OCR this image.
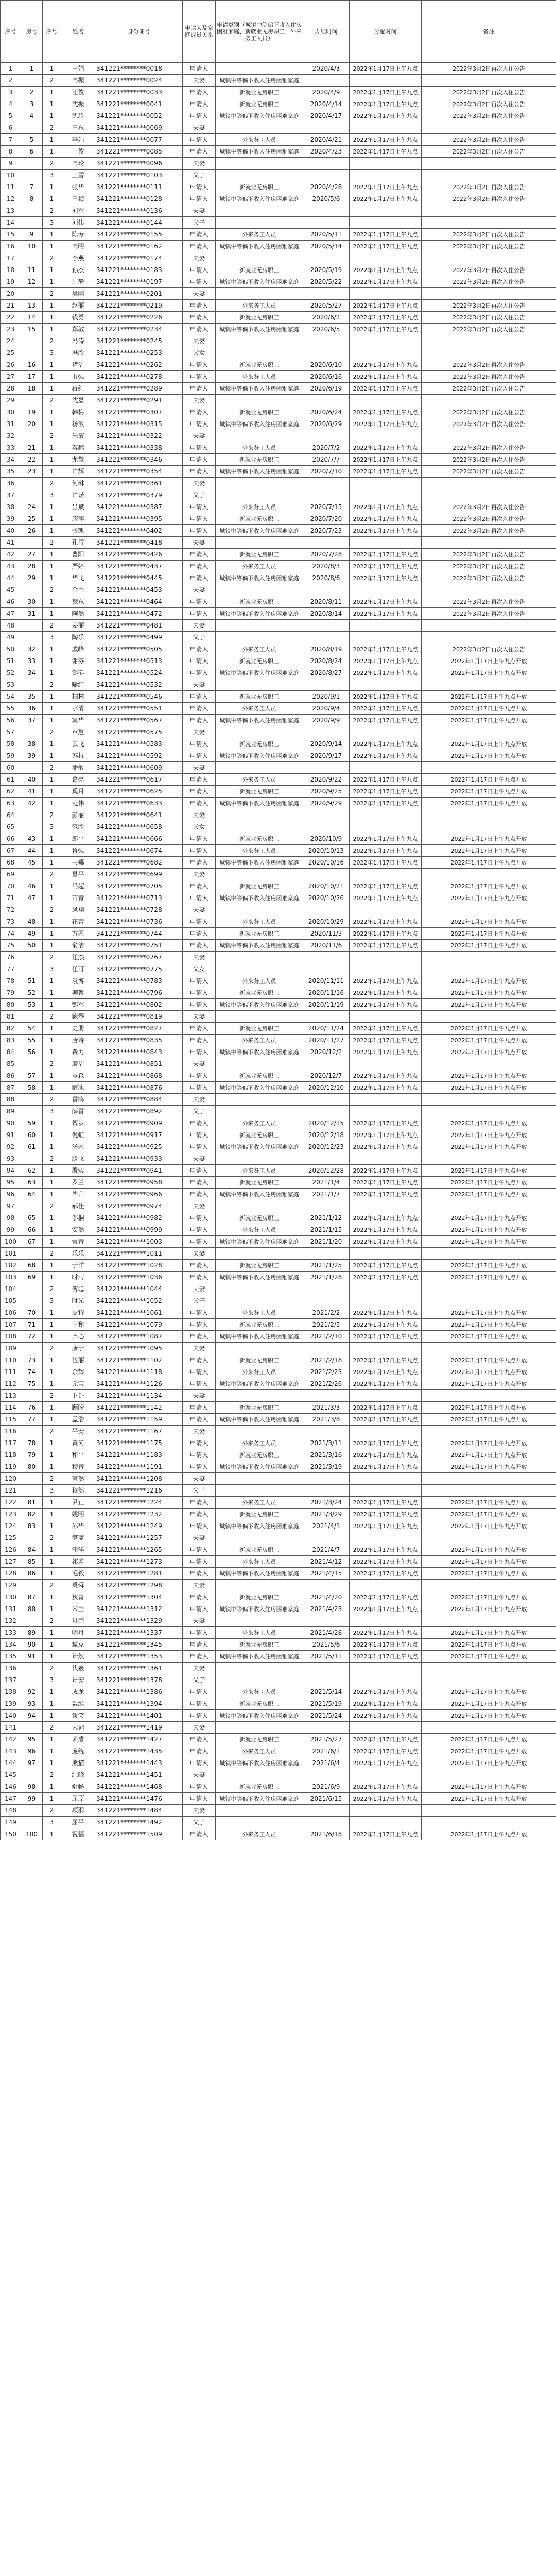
序号	房号	序号	姓名	身份证号	申请人及家庭成员关系	申请类别（城镇中等偏下收入住房困难家庭、新就业无房职工、外来务工人员）	办结时间	分配时间	备注
1	1	1	王娟	341221********0018	申请人		2020/4/3	2022年1月17日上午九点	2022年3月2日再次入住公告
2		2	高振	341221********0024	夫妻	城镇中等偏下收入住房困难家庭			
3	2	1	汪俊	341221********0033	申请人	新就业无房职工	2020/4/9	2022年1月17日上午九点	2022年3月2日再次入住公告
4	3	1	沈振	341221********0041	申请人	新就业无房职工	2020/4/14	2022年1月17日上午九点	2022年3月2日再次入住公告
5	4	1	沈玲	341221********0052	申请人	城镇中等偏下收入住房困难家庭	2020/4/17	2022年1月17日上午九点	2022年3月2日再次入住公告
6		2	王东	341221********0069	夫妻				
7	5	1	李娟	341221********0077	申请人	外来务工人员	2020/4/21	2022年1月17日上午九点	2022年3月2日再次入住公告
8	6	1	王俊	341221********0085	申请人	城镇中等偏下收入住房困难家庭	2020/4/23	2022年1月17日上午九点	2022年3月2日再次入住公告
9		2	高玲	341221********0096	夫妻				
10		3	王雪	341221********0103	父子				
11	7	1	张华	341221********0111	申请人	新就业无房职工	2020/4/28	2022年1月17日上午九点	2022年3月2日再次入住公告
12	8	1	王梅	341221********0128	申请人	城镇中等偏下收入住房困难家庭	2020/5/6	2022年1月17日上午九点	2022年3月2日再次入住公告
13		2	刘军	341221********0136	夫妻				
14		3	刘伟	341221********0144	父子				
15	9	1	陈芳	341221********0155	申请人	外来务工人员	2020/5/11	2022年1月17日上午九点	2022年3月2日再次入住公告
16	10	1	高明	341221********0162	申请人	城镇中等偏下收入住房困难家庭	2020/5/14	2022年1月17日上午九点	2022年3月2日再次入住公告
17		2	李燕	341221********0174	夫妻				
18	11	1	孙杰	341221********0183	申请人	新就业无房职工	2020/5/19	2022年1月17日上午九点	2022年3月2日再次入住公告
19	12	1	周静	341221********0197	申请人	城镇中等偏下收入住房困难家庭	2020/5/22	2022年1月17日上午九点	2022年3月2日再次入住公告
20		2	吴刚	341221********0201	夫妻				
21	13	1	赵丽	341221********0219	申请人	外来务工人员	2020/5/27	2022年1月17日上午九点	2022年3月2日再次入住公告
22	14	1	钱勇	341221********0226	申请人	新就业无房职工	2020/6/2	2022年1月17日上午九点	2022年3月2日再次入住公告
23	15	1	郑敏	341221********0234	申请人	城镇中等偏下收入住房困难家庭	2020/6/5	2022年1月17日上午九点	2022年3月2日再次入住公告
24		2	冯涛	341221********0245	夫妻				
25		3	冯欣	341221********0253	父女				
26	16	1	褚洁	341221********0262	申请人	新就业无房职工	2020/6/10	2022年1月17日上午九点	2022年3月2日再次入住公告
27	17	1	卫强	341221********0278	申请人	外来务工人员	2020/6/16	2022年1月17日上午九点	2022年3月2日再次入住公告
28	18	1	蒋红	341221********0289	申请人	城镇中等偏下收入住房困难家庭	2020/6/19	2022年1月17日上午九点	2022年3月2日再次入住公告
29		2	沈磊	341221********0291	夫妻				
30	19	1	韩梅	341221********0307	申请人	新就业无房职工	2020/6/24	2022年1月17日上午九点	2022年3月2日再次入住公告
31	20	1	杨波	341221********0315	申请人	城镇中等偏下收入住房困难家庭	2020/6/29	2022年1月17日上午九点	2022年3月2日再次入住公告
32		2	朱霞	341221********0322	夫妻				
33	21	1	秦鹏	341221********0338	申请人	外来务工人员	2020/7/2	2022年1月17日上午九点	2022年3月2日再次入住公告
34	22	1	尤慧	341221********0346	申请人	新就业无房职工	2020/7/7	2022年1月17日上午九点	2022年3月2日再次入住公告
35	23	1	许辉	341221********0354	申请人	城镇中等偏下收入住房困难家庭	2020/7/10	2022年1月17日上午九点	2022年3月2日再次入住公告
36		2	何琳	341221********0361	夫妻				
37		3	许诺	341221********0379	父子				
38	24	1	吕斌	341221********0387	申请人	外来务工人员	2020/7/15	2022年1月17日上午九点	2022年3月2日再次入住公告
39	25	1	施萍	341221********0395	申请人	新就业无房职工	2020/7/20	2022年1月17日上午九点	2022年3月2日再次入住公告
40	26	1	张凯	341221********0402	申请人	城镇中等偏下收入住房困难家庭	2020/7/23	2022年1月17日上午九点	2022年3月2日再次入住公告
41		2	孔雪	341221********0418	夫妻				
42	27	1	曹阳	341221********0426	申请人	新就业无房职工	2020/7/28	2022年1月17日上午九点	2022年3月2日再次入住公告
43	28	1	严婷	341221********0437	申请人	外来务工人员	2020/8/3	2022年1月17日上午九点	2022年3月2日再次入住公告
44	29	1	华飞	341221********0445	申请人	城镇中等偏下收入住房困难家庭	2020/8/6	2022年1月17日上午九点	2022年3月2日再次入住公告
45		2	金兰	341221********0453	夫妻				
46	30	1	魏东	341221********0464	申请人	新就业无房职工	2020/8/11	2022年1月17日上午九点	2022年3月2日再次入住公告
47	31	1	陶然	341221********0472	申请人	城镇中等偏下收入住房困难家庭	2020/8/14	2022年1月17日上午九点	2022年3月2日再次入住公告
48		2	姜丽	341221********0481	夫妻				
49		3	陶乐	341221********0499	父子				
50	32	1	戚峰	341221********0505	申请人	外来务工人员	2020/8/19	2022年1月17日上午九点	2022年3月2日再次入住公告
51	33	1	谢芬	341221********0513	申请人	新就业无房职工	2020/8/24	2022年1月17日上午九点	2022年1月17日上午九点开放
52	34	1	邹健	341221********0524	申请人	城镇中等偏下收入住房困难家庭	2020/8/27	2022年1月17日上午九点	2022年1月17日上午九点开放
53		2	喻红	341221********0532	夫妻				
54	35	1	柏林	341221********0546	申请人	新就业无房职工	2020/9/1	2022年1月17日上午九点	2022年1月17日上午九点开放
55	36	1	水清	341221********0551	申请人	外来务工人员	2020/9/4	2022年1月17日上午九点	2022年1月17日上午九点开放
56	37	1	窦华	341221********0567	申请人	城镇中等偏下收入住房困难家庭	2020/9/9	2022年1月17日上午九点	2022年1月17日上午九点开放
57		2	章慧	341221********0575	夫妻				
58	38	1	云飞	341221********0583	申请人	新就业无房职工	2020/9/14	2022年1月17日上午九点	2022年1月17日上午九点开放
59	39	1	苏杭	341221********0592	申请人	城镇中等偏下收入住房困难家庭	2020/9/17	2022年1月17日上午九点	2022年1月17日上午九点开放
60		2	潘敏	341221********0609	夫妻				
61	40	1	葛亮	341221********0617	申请人	外来务工人员	2020/9/22	2022年1月17日上午九点	2022年1月17日上午九点开放
62	41	1	奚月	341221********0625	申请人	新就业无房职工	2020/9/25	2022年1月17日上午九点	2022年1月17日上午九点开放
63	42	1	范伟	341221********0633	申请人	城镇中等偏下收入住房困难家庭	2020/9/29	2022年1月17日上午九点	2022年1月17日上午九点开放
64		2	彭丽	341221********0641	夫妻				
65		3	范欣	341221********0658	父女				
66	43	1	郎平	341221********0666	申请人	新就业无房职工	2020/10/9	2022年1月17日上午九点	2022年1月17日上午九点开放
67	44	1	鲁强	341221********0674	申请人	外来务工人员	2020/10/13	2022年1月17日上午九点	2022年1月17日上午九点开放
68	45	1	韦娜	341221********0682	申请人	城镇中等偏下收入住房困难家庭	2020/10/16	2022年1月17日上午九点	2022年1月17日上午九点开放
69		2	昌平	341221********0699	夫妻				
70	46	1	马超	341221********0705	申请人	新就业无房职工	2020/10/21	2022年1月17日上午九点	2022年1月17日上午九点开放
71	47	1	苗青	341221********0713	申请人	城镇中等偏下收入住房困难家庭	2020/10/26	2022年1月17日上午九点	2022年1月17日上午九点开放
72		2	凤翔	341221********0728	夫妻				
73	48	1	花蕾	341221********0736	申请人	外来务工人员	2020/10/29	2022年1月17日上午九点	2022年1月17日上午九点开放
74	49	1	方圆	341221********0744	申请人	新就业无房职工	2020/11/3	2022年1月17日上午九点	2022年1月17日上午九点开放
75	50	1	俞洁	341221********0751	申请人	城镇中等偏下收入住房困难家庭	2020/11/6	2022年1月17日上午九点	2022年1月17日上午九点开放
76		2	任杰	341221********0767	夫妻				
77		3	任可	341221********0775	父女				
78	51	1	袁博	341221********0783	申请人	外来务工人员	2020/11/11	2022年1月17日上午九点	2022年1月17日上午九点开放
79	52	1	柳絮	341221********0796	申请人	新就业无房职工	2020/11/16	2022年1月17日上午九点	2022年1月17日上午九点开放
80	53	1	酆军	341221********0802	申请人	城镇中等偏下收入住房困难家庭	2020/11/19	2022年1月17日上午九点	2022年1月17日上午九点开放
81		2	鲍琴	341221********0819	夫妻				
82	54	1	史册	341221********0827	申请人	新就业无房职工	2020/11/24	2022年1月17日上午九点	2022年1月17日上午九点开放
83	55	1	唐诗	341221********0835	申请人	外来务工人员	2020/11/27	2022年1月17日上午九点	2022年1月17日上午九点开放
84	56	1	费力	341221********0843	申请人	城镇中等偏下收入住房困难家庭	2020/12/2	2022年1月17日上午九点	2022年1月17日上午九点开放
85		2	廉洁	341221********0851	夫妻				
86	57	1	岑森	341221********0868	申请人	新就业无房职工	2020/12/7	2022年1月17日上午九点	2022年1月17日上午九点开放
87	58	1	薛冰	341221********0876	申请人	城镇中等偏下收入住房困难家庭	2020/12/10	2022年1月17日上午九点	2022年1月17日上午九点开放
88		2	雷鸣	341221********0884	夫妻				
89		3	薛雷	341221********0892	父子				
90	59	1	贺岁	341221********0909	申请人	外来务工人员	2020/12/15	2022年1月17日上午九点	2022年1月17日上午九点开放
91	60	1	倪虹	341221********0917	申请人	新就业无房职工	2020/12/18	2022年1月17日上午九点	2022年1月17日上午九点开放
92	61	1	汤圆	341221********0925	申请人	城镇中等偏下收入住房困难家庭	2020/12/23	2022年1月17日上午九点	2022年1月17日上午九点开放
93		2	滕飞	341221********0933	夫妻				
94	62	1	殷实	341221********0941	申请人	外来务工人员	2020/12/28	2022年1月17日上午九点	2022年1月17日上午九点开放
95	63	1	罗兰	341221********0958	申请人	新就业无房职工	2021/1/4	2022年1月17日上午九点	2022年1月17日上午九点开放
96	64	1	毕升	341221********0966	申请人	城镇中等偏下收入住房困难家庭	2021/1/7	2022年1月17日上午九点	2022年1月17日上午九点开放
97		2	郝佳	341221********0974	夫妻				
98	65	1	邬桐	341221********0982	申请人	新就业无房职工	2021/1/12	2022年1月17日上午九点	2022年1月17日上午九点开放
99	66	1	安然	341221********0999	申请人	外来务工人员	2021/1/15	2022年1月17日上午九点	2022年1月17日上午九点开放
100	67	1	常青	341221********1003	申请人	城镇中等偏下收入住房困难家庭	2021/1/20	2022年1月17日上午九点	2022年1月17日上午九点开放
101		2	乐乐	341221********1011	夫妻				
102	68	1	于洋	341221********1028	申请人	新就业无房职工	2021/1/25	2022年1月17日上午九点	2022年1月17日上午九点开放
103	69	1	时雨	341221********1036	申请人	城镇中等偏下收入住房困难家庭	2021/1/28	2022年1月17日上午九点	2022年1月17日上午九点开放
104		2	傅聪	341221********1044	夫妻				
105		3	时光	341221********1052	父子				
106	70	1	皮特	341221********1061	申请人	外来务工人员	2021/2/2	2022年1月17日上午九点	2022年1月17日上午九点开放
107	71	1	卞和	341221********1079	申请人	新就业无房职工	2021/2/5	2022年1月17日上午九点	2022年1月17日上午九点开放
108	72	1	齐心	341221********1087	申请人	城镇中等偏下收入住房困难家庭	2021/2/10	2022年1月17日上午九点	2022年1月17日上午九点开放
109		2	康宁	341221********1095	夫妻				
110	73	1	伍丽	341221********1102	申请人	新就业无房职工	2021/2/18	2022年1月17日上午九点	2022年1月17日上午九点开放
111	74	1	余辉	341221********1118	申请人	外来务工人员	2021/2/23	2022年1月17日上午九点	2022年1月17日上午九点开放
112	75	1	元宝	341221********1126	申请人	城镇中等偏下收入住房困难家庭	2021/2/26	2022年1月17日上午九点	2022年1月17日上午九点开放
113		2	卜卦	341221********1134	夫妻				
114	76	1	顾盼	341221********1142	申请人	新就业无房职工	2021/3/3	2022年1月17日上午九点	2022年1月17日上午九点开放
115	77	1	孟浩	341221********1159	申请人	城镇中等偏下收入住房困难家庭	2021/3/8	2022年1月17日上午九点	2022年1月17日上午九点开放
116		2	平安	341221********1167	夫妻				
117	78	1	黄河	341221********1175	申请人	外来务工人员	2021/3/11	2022年1月17日上午九点	2022年1月17日上午九点开放
118	79	1	和平	341221********1183	申请人	新就业无房职工	2021/3/16	2022年1月17日上午九点	2022年1月17日上午九点开放
119	80	1	穆青	341221********1191	申请人	城镇中等偏下收入住房困难家庭	2021/3/19	2022年1月17日上午九点	2022年1月17日上午九点开放
120		2	萧然	341221********1208	夫妻				
121		3	穆然	341221********1216	父子				
122	81	1	尹正	341221********1224	申请人	外来务工人员	2021/3/24	2022年1月17日上午九点	2022年1月17日上午九点开放
123	82	1	姚明	341221********1232	申请人	新就业无房职工	2021/3/29	2022年1月17日上午九点	2022年1月17日上午九点开放
124	83	1	邵华	341221********1249	申请人	城镇中等偏下收入住房困难家庭	2021/4/1	2022年1月17日上午九点	2022年1月17日上午九点开放
125		2	湛蓝	341221********1257	夫妻				
126	84	1	汪洋	341221********1265	申请人	新就业无房职工	2021/4/7	2022年1月17日上午九点	2022年1月17日上午九点开放
127	85	1	祁连	341221********1273	申请人	外来务工人员	2021/4/12	2022年1月17日上午九点	2022年1月17日上午九点开放
128	86	1	毛毅	341221********1281	申请人	城镇中等偏下收入住房困难家庭	2021/4/15	2022年1月17日上午九点	2022年1月17日上午九点开放
129		2	禹舜	341221********1298	夫妻				
130	87	1	狄青	341221********1304	申请人	新就业无房职工	2021/4/20	2022年1月17日上午九点	2022年1月17日上午九点开放
131	88	1	米兰	341221********1312	申请人	城镇中等偏下收入住房困难家庭	2021/4/23	2022年1月17日上午九点	2022年1月17日上午九点开放
132		2	贝壳	341221********1329	夫妻				
133	89	1	明月	341221********1337	申请人	外来务工人员	2021/4/28	2022年1月17日上午九点	2022年1月17日上午九点开放
134	90	1	臧克	341221********1345	申请人	新就业无房职工	2021/5/6	2022年1月17日上午九点	2022年1月17日上午九点开放
135	91	1	计然	341221********1353	申请人	城镇中等偏下收入住房困难家庭	2021/5/11	2022年1月17日上午九点	2022年1月17日上午九点开放
136		2	伏羲	341221********1361	夫妻				
137		3	计安	341221********1378	父子				
138	92	1	成龙	341221********1386	申请人	外来务工人员	2021/5/14	2022年1月17日上午九点	2022年1月17日上午九点开放
139	93	1	戴维	341221********1394	申请人	新就业无房职工	2021/5/19	2022年1月17日上午九点	2022年1月17日上午九点开放
140	94	1	谈笑	341221********1401	申请人	城镇中等偏下收入住房困难家庭	2021/5/24	2022年1月17日上午九点	2022年1月17日上午九点开放
141		2	宋词	341221********1419	夫妻				
142	95	1	茅盾	341221********1427	申请人	新就业无房职工	2021/5/27	2022年1月17日上午九点	2022年1月17日上午九点开放
143	96	1	庞统	341221********1435	申请人	外来务工人员	2021/6/1	2022年1月17日上午九点	2022年1月17日上午九点开放
144	97	1	熊猫	341221********1443	申请人	城镇中等偏下收入住房困难家庭	2021/6/4	2022年1月17日上午九点	2022年1月17日上午九点开放
145		2	纪晓	341221********1451	夫妻				
146	98	1	舒畅	341221********1468	申请人	新就业无房职工	2021/6/9	2022年1月17日上午九点	2022年1月17日上午九点开放
147	99	1	屈原	341221********1476	申请人	城镇中等偏下收入住房困难家庭	2021/6/15	2022年1月17日上午九点	2022年1月17日上午九点开放
148		2	项羽	341221********1484	夫妻				
149		3	屈平	341221********1492	父子				
150	100	1	祝福	341221********1509	申请人	外来务工人员	2021/6/18	2022年1月17日上午九点	2022年1月17日上午九点开放
